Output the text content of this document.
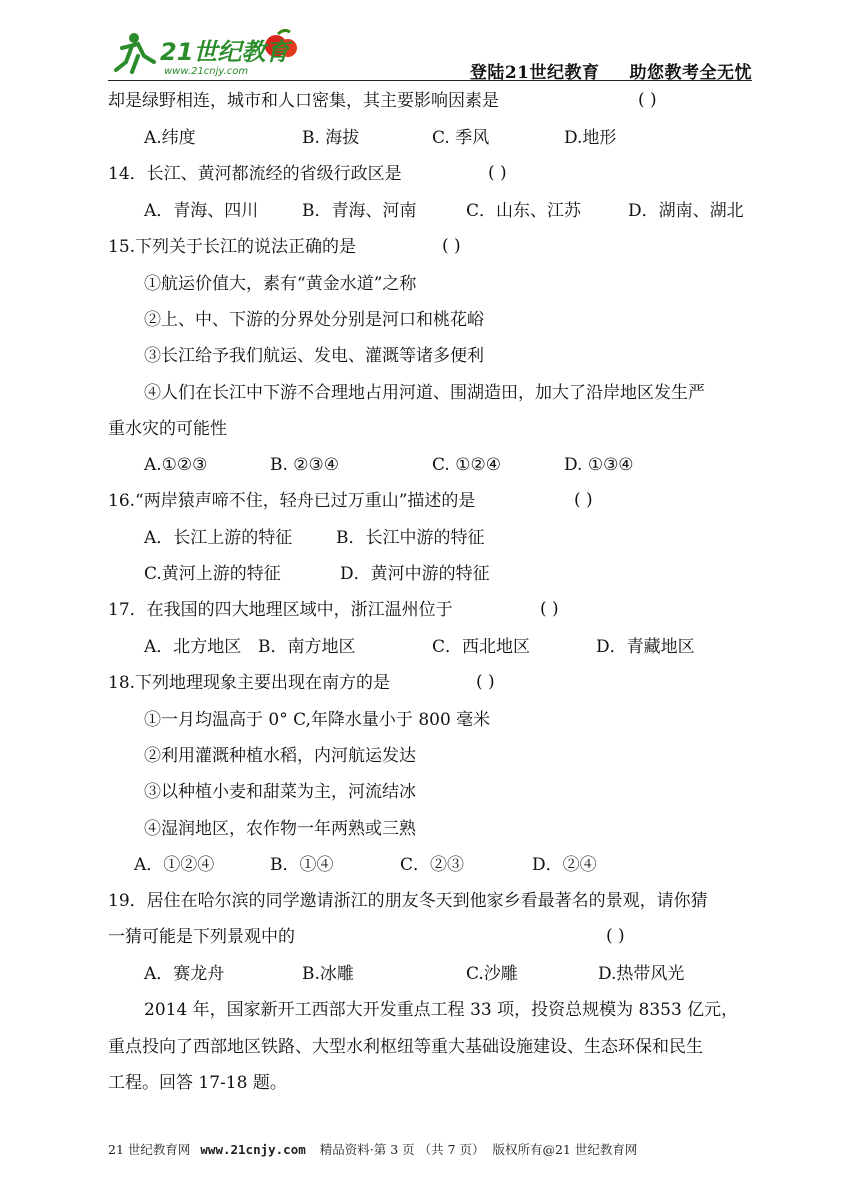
21世纪教育
www.21cnjy.com	登陆21世纪教育 助您教考全无忧
却是绿野相连，城市和人口密集，其主要影响因素是	( )
A.纬度	B. 海拔	C. 季风	D.地形
14．长江、黄河都流经的省级行政区是	( )
A．青海、四川	B．青海、河南	C．山东、江苏	D．湖南、湖北
15.下列关于长江的说法正确的是	( )
①航运价值大，素有“黄金水道”之称
②上、中、下游的分界处分别是河口和桃花峪
③长江给予我们航运、发电、灌溉等诸多便利
④人们在长江中下游不合理地占用河道、围湖造田，加大了沿岸地区发生严
重水灾的可能性
A.①②③	B. ②③④	C. ①②④	D. ①③④
16.“两岸猿声啼不住，轻舟已过万重山”描述的是	( )
A．长江上游的特征	B．长江中游的特征
C.黄河上游的特征	D．黄河中游的特征
17．在我国的四大地理区域中，浙江温州位于	( )
A．北方地区 B．南方地区	C．西北地区	D．青藏地区
18.下列地理现象主要出现在南方的是	( )
①一月均温高于 0° C,年降水量小于 800 毫米
②利用灌溉种植水稻，内河航运发达
③以种植小麦和甜菜为主，河流结冰
④湿润地区，农作物一年两熟或三熟
A．①②④	B．①④	C．②③	D．②④
19．居住在哈尔滨的同学邀请浙江的朋友冬天到他家乡看最著名的景观，请你猜
一猜可能是下列景观中的	( )
A．赛龙舟	B.冰雕	C.沙雕	D.热带风光
2014 年，国家新开工西部大开发重点工程 33 项，投资总规模为 8353 亿元，
重点投向了西部地区铁路、大型水利枢纽等重大基础设施建设、生态环保和民生
工程。回答 17-18 题。
21 世纪教育网 www.21cnjy.com 精品资料·第 3 页 （共 7 页） 版权所有@21 世纪教育网
